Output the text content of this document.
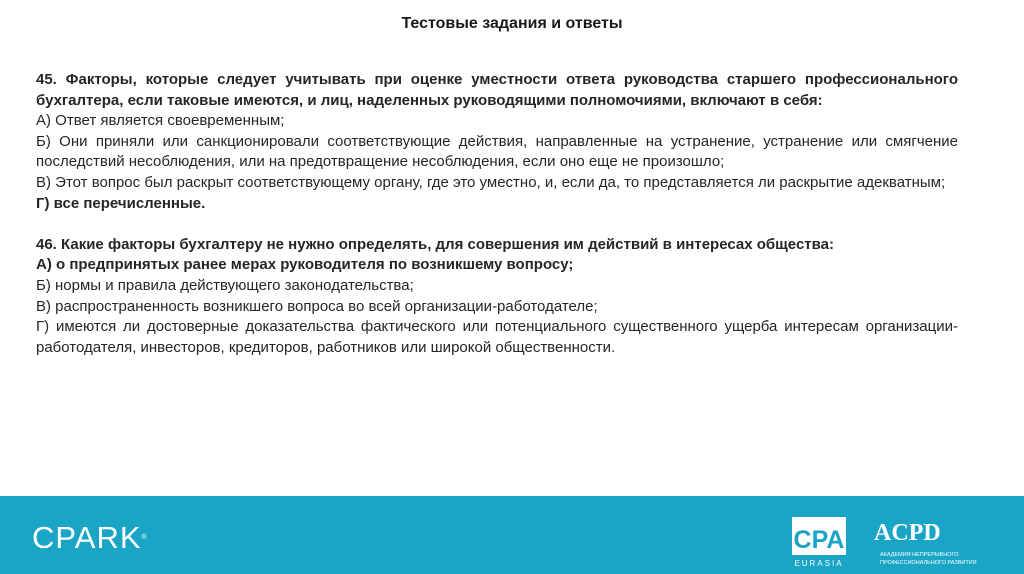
Тестовые задания и ответы

45. Факторы, которые следует учитывать при оценке уместности ответа руководства старшего профессионального бухгалтера, если таковые имеются, и лиц, наделенных руководящими полномочиями, включают в себя:

А) Ответ является своевременным;

Б) Они приняли или санкционировали соответствующие действия, направленные на устранение, устранение или смягчение последствий несоблюдения, или на предотвращение несоблюдения, если оно еще не произошло;

В) Этот вопрос был раскрыт соответствующему органу, где это уместно, и, если да, то представляется ли раскрытие адекватным;

Г) все перечисленные.

46. Какие факторы бухгалтеру не нужно определять, для совершения им действий в интересах общества:

А) о предпринятых ранее мерах руководителя по возникшему вопросу;

Б) нормы и правила действующего законодательства;

В) распространенность возникшего вопроса во всей организации-работодателе;

Г) имеются ли достоверные доказательства фактического или потенциального существенного ущерба интересам организации-работодателя, инвесторов, кредиторов, работников или широкой общественности.

CPARK®	CPA
EURASIA
ACPD
АКАДЕМИЯ НЕПРЕРЫВНОГО
ПРОФЕССИОНАЛЬНОГО РАЗВИТИЯ
